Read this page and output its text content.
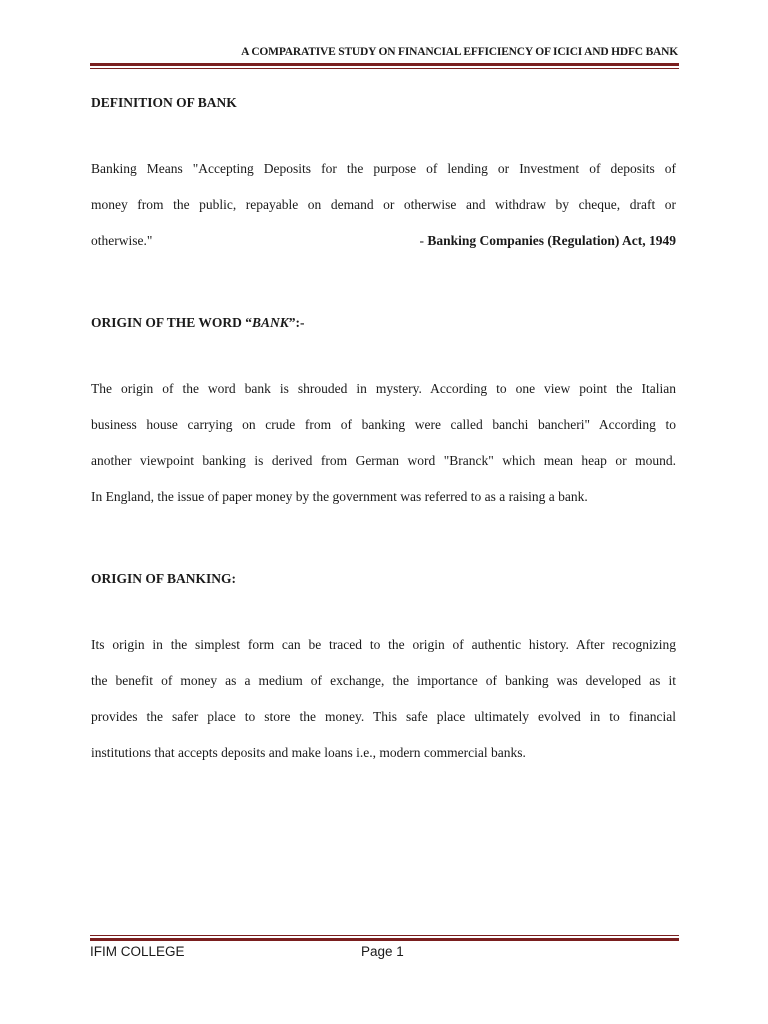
A COMPARATIVE STUDY ON FINANCIAL EFFICIENCY OF ICICI AND HDFC BANK
DEFINITION OF BANK
Banking Means "Accepting Deposits for the purpose of lending or Investment of deposits of
money from the public, repayable on demand or otherwise and withdraw by cheque, draft or
otherwise."	- Banking Companies (Regulation) Act, 1949
ORIGIN OF THE WORD “BANK”:-
The origin of the word bank is shrouded in mystery. According to one view point the Italian
business house carrying on crude from of banking were called banchi bancheri" According to
another viewpoint banking is derived from German word "Branck" which mean heap or mound.
In England, the issue of paper money by the government was referred to as a raising a bank.
ORIGIN OF BANKING:
Its origin in the simplest form can be traced to the origin of authentic history. After recognizing
the benefit of money as a medium of exchange, the importance of banking was developed as it
provides the safer place to store the money. This safe place ultimately evolved in to financial
institutions that accepts deposits and make loans i.e., modern commercial banks.
IFIM COLLEGE	Page 1
